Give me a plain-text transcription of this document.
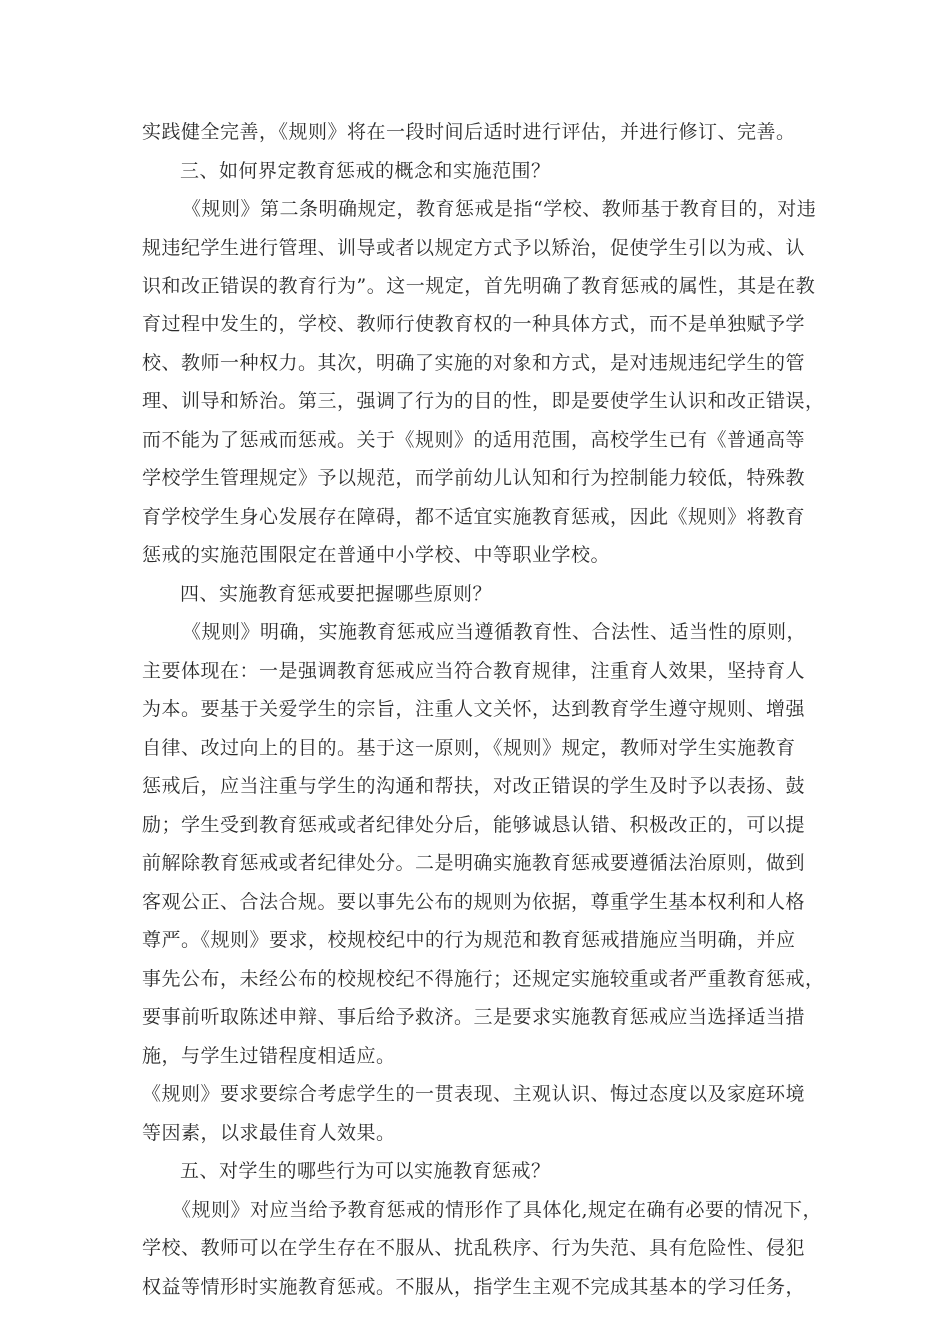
实践健全完善，《规则》将在一段时间后适时进行评估，并进行修订、完善。
三、如何界定教育惩戒的概念和实施范围？
《规则》第二条明确规定，教育惩戒是指“学校、教师基于教育目的，对违
规违纪学生进行管理、训导或者以规定方式予以矫治，促使学生引以为戒、认
识和改正错误的教育行为”。这一规定，首先明确了教育惩戒的属性，其是在教
育过程中发生的，学校、教师行使教育权的一种具体方式，而不是单独赋予学
校、教师一种权力。其次，明确了实施的对象和方式，是对违规违纪学生的管
理、训导和矫治。第三，强调了行为的目的性，即是要使学生认识和改正错误，
而不能为了惩戒而惩戒。关于《规则》的适用范围，高校学生已有《普通高等
学校学生管理规定》予以规范，而学前幼儿认知和行为控制能力较低，特殊教
育学校学生身心发展存在障碍，都不适宜实施教育惩戒，因此《规则》将教育
惩戒的实施范围限定在普通中小学校、中等职业学校。
四、实施教育惩戒要把握哪些原则？
《规则》明确，实施教育惩戒应当遵循教育性、合法性、适当性的原则，
主要体现在：一是强调教育惩戒应当符合教育规律，注重育人效果，坚持育人
为本。要基于关爱学生的宗旨，注重人文关怀，达到教育学生遵守规则、增强
自律、改过向上的目的。基于这一原则，《规则》规定，教师对学生实施教育
惩戒后，应当注重与学生的沟通和帮扶，对改正错误的学生及时予以表扬、鼓
励；学生受到教育惩戒或者纪律处分后，能够诚恳认错、积极改正的，可以提
前解除教育惩戒或者纪律处分。二是明确实施教育惩戒要遵循法治原则，做到
客观公正、合法合规。要以事先公布的规则为依据，尊重学生基本权利和人格
尊严。《规则》要求，校规校纪中的行为规范和教育惩戒措施应当明确，并应
事先公布，未经公布的校规校纪不得施行；还规定实施较重或者严重教育惩戒，
要事前听取陈述申辩、事后给予救济。三是要求实施教育惩戒应当选择适当措
施，与学生过错程度相适应。
《规则》要求要综合考虑学生的一贯表现、主观认识、悔过态度以及家庭环境
等因素，以求最佳育人效果。
五、对学生的哪些行为可以实施教育惩戒？
《规则》对应当给予教育惩戒的情形作了具体化,规定在确有必要的情况下，
学校、教师可以在学生存在不服从、扰乱秩序、行为失范、具有危险性、侵犯
权益等情形时实施教育惩戒。不服从，指学生主观不完成其基本的学习任务，
